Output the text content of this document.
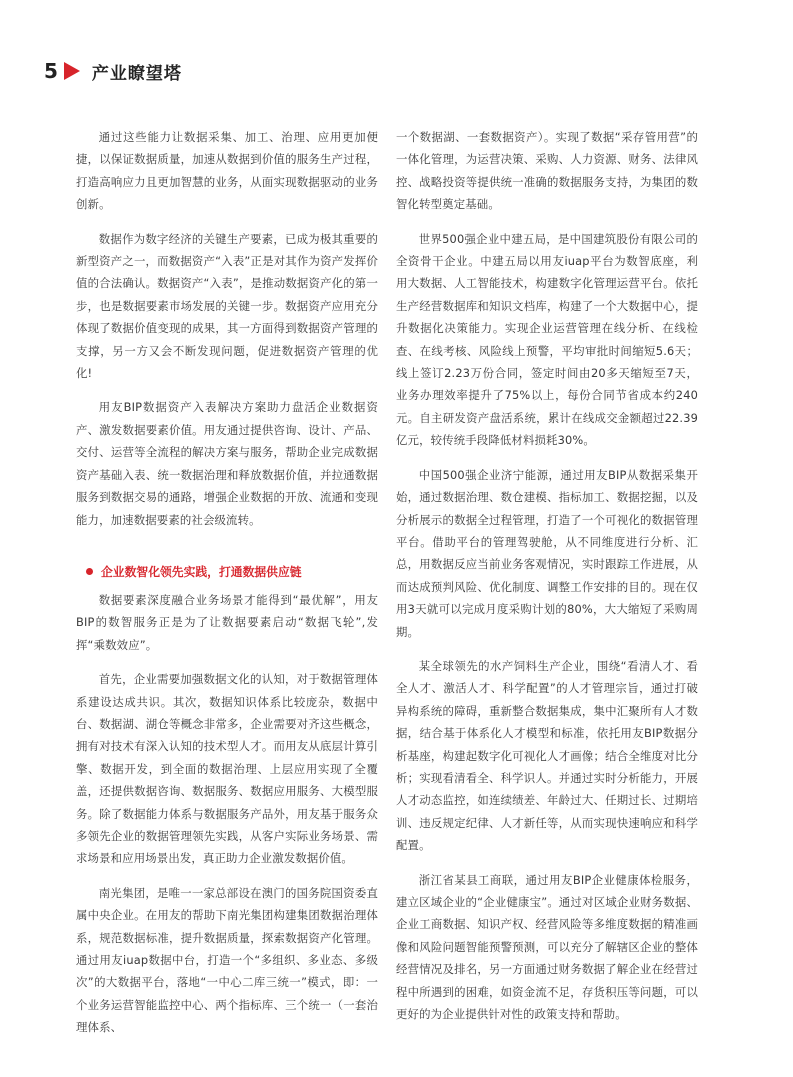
5 产业瞭望塔

通过这些能力让数据采集、加工、治理、应用更加便捷，以保证数据质量，加速从数据到价值的服务生产过程，打造高响应力且更加智慧的业务，从面实现数据驱动的业务创新。

数据作为数字经济的关键生产要素，已成为极其重要的新型资产之一，而数据资产“入表”正是对其作为资产发挥价值的合法确认。数据资产“入表”，是推动数据资产化的第一步，也是数据要素市场发展的关键一步。数据资产应用充分体现了数据价值变现的成果，其一方面得到数据资产管理的支撑，另一方又会不断发现问题，促进数据资产管理的优化!

用友BIP数据资产入表解决方案助力盘活企业数据资产、激发数据要素价值。用友通过提供咨询、设计、产品、交付、运营等全流程的解决方案与服务，帮助企业完成数据资产基础入表、统一数据治理和释放数据价值，并拉通数据服务到数据交易的通路，增强企业数据的开放、流通和变现能力，加速数据要素的社会级流转。

企业数智化领先实践，打通数据供应链

数据要素深度融合业务场景才能得到“最优解”，用友BIP的数智服务正是为了让数据要素启动“数据飞轮”,发挥“乘数效应”。

首先，企业需要加强数据文化的认知，对于数据管理体系建设达成共识。其次，数据知识体系比较庞杂，数据中台、数据湖、湖仓等概念非常多，企业需要对齐这些概念，拥有对技术有深入认知的技术型人才。而用友从底层计算引擎、数据开发，到全面的数据治理、上层应用实现了全覆盖，还提供数据咨询、数据服务、数据应用服务、大模型服务。除了数据能力体系与数据服务产品外，用友基于服务众多领先企业的数据管理领先实践，从客户实际业务场景、需求场景和应用场景出发，真正助力企业激发数据价值。

南光集团，是唯一一家总部设在澳门的国务院国资委直属中央企业。在用友的帮助下南光集团构建集团数据治理体系，规范数据标准，提升数据质量，探索数据资产化管理。通过用友iuap数据中台，打造一个“多组织、多业态、多级次”的大数据平台，落地“一中心二库三统一”模式，即：一个业务运营智能监控中心、两个指标库、三个统一（一套治理体系、

一个数据湖、一套数据资产）。实现了数据“采存管用营”的一体化管理，为运营决策、采购、人力资源、财务、法律风控、战略投资等提供统一准确的数据服务支持，为集团的数智化转型奠定基础。

世界500强企业中建五局，是中国建筑股份有限公司的全资骨干企业。中建五局以用友iuap平台为数智底座，利用大数据、人工智能技术，构建数字化管理运营平台。依托生产经营数据库和知识文档库，构建了一个大数据中心，提升数据化决策能力。实现企业运营管理在线分析、在线检查、在线考核、风险线上预警，平均审批时间缩短5.6天；线上签订2.23万份合同，签定时间由20多天缩短至7天，业务办理效率提升了75%以上，每份合同节省成本约240元。自主研发资产盘活系统，累计在线成交金额超过22.39亿元，较传统手段降低材料损耗30%。

中国500强企业济宁能源，通过用友BIP从数据采集开始，通过数据治理、数仓建模、指标加工、数据挖掘，以及分析展示的数据全过程管理，打造了一个可视化的数据管理平台。借助平台的管理驾驶舱，从不同维度进行分析、汇总，用数据反应当前业务客观情况，实时跟踪工作进展，从而达成预判风险、优化制度、调整工作安排的目的。现在仅用3天就可以完成月度采购计划的80%，大大缩短了采购周期。

某全球领先的水产饲料生产企业，围绕“看清人才、看全人才、激活人才、科学配置”的人才管理宗旨，通过打破异构系统的障碍，重新整合数据集成，集中汇聚所有人才数据，结合基于体系化人才模型和标准，依托用友BIP数据分析基座，构建起数字化可视化人才画像；结合全维度对比分析；实现看清看全、科学识人。并通过实时分析能力，开展人才动态监控，如连续绩差、年龄过大、任期过长、过期培训、违反规定纪律、人才新任等，从而实现快速响应和科学配置。

浙江省某县工商联，通过用友BIP企业健康体检服务，建立区域企业的“企业健康宝”。通过对区域企业财务数据、企业工商数据、知识产权、经营风险等多维度数据的精准画像和风险问题智能预警预测，可以充分了解辖区企业的整体经营情况及排名，另一方面通过财务数据了解企业在经营过程中所遇到的困难，如资金流不足，存货积压等问题，可以更好的为企业提供针对性的政策支持和帮助。
